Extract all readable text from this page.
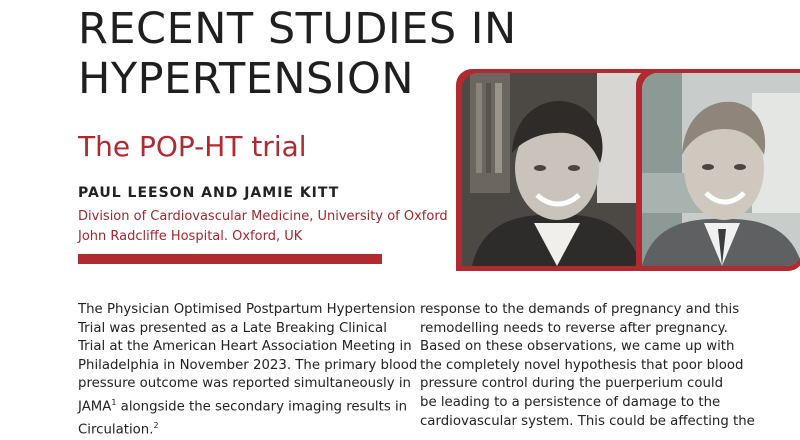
RECENT STUDIES IN
HYPERTENSION
The POP-HT trial
PAUL LEESON AND JAMIE KITT
Division of Cardiovascular Medicine, University of Oxford
John Radcliffe Hospital. Oxford, UK
The Physician Optimised Postpartum Hypertension
Trial was presented as a Late Breaking Clinical
Trial at the American Heart Association Meeting in
Philadelphia in November 2023. The primary blood
pressure outcome was reported simultaneously in
JAMA$^1$ alongside the secondary imaging results in
Circulation.$^2$
response to the demands of pregnancy and this
remodelling needs to reverse after pregnancy.
Based on these observations, we came up with
the completely novel hypothesis that poor blood
pressure control during the puerperium could
be leading to a persistence of damage to the
cardiovascular system. This could be affecting the
